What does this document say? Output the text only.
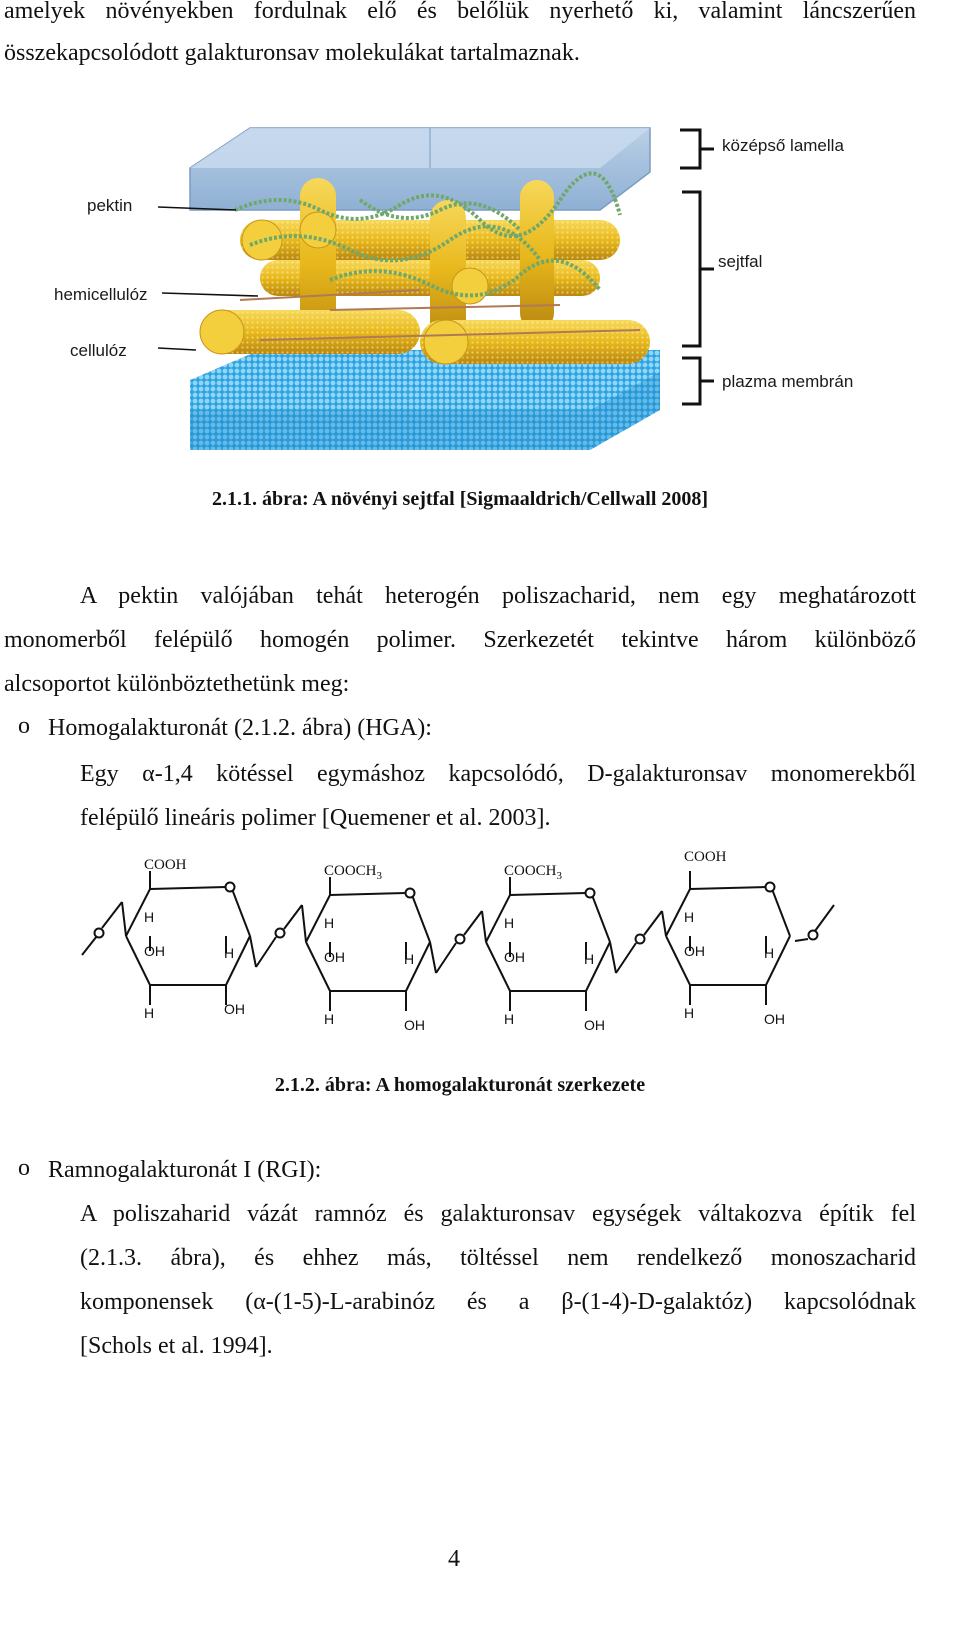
amelyek növényekben fordulnak elő és belőlük nyerhető ki, valamint láncszerűen
összekapcsolódott galakturonsav molekulákat tartalmaznak.
középső lamella
pektin
sejtfal
hemicellulóz
cellulóz
plazma membrán
2.1.1. ábra: A növényi sejtfal [Sigmaaldrich/Cellwall 2008]
A pektin valójában tehát heterogén poliszacharid, nem egy meghatározott
monomerből felépülő homogén polimer. Szerkezetét tekintve három különböző
alcsoportot különböztethetünk meg:
o Homogalakturonát (2.1.2. ábra) (HGA):
Egy α-1,4 kötéssel egymáshoz kapcsolódó, D-galakturonsav monomerekből
felépülő lineáris polimer [Quemener et al. 2003].
COOH
H
OH	H
H	OH
$COOCH_3$
H
OH	H
H	OH
$COOCH_3$
H
OH	H
H	OH
COOH
H
OH	H
H	OH
2.1.2. ábra: A homogalakturonát szerkezete
o Ramnogalakturonát I (RGI):
A poliszaharid vázát ramnóz és galakturonsav egységek váltakozva építik fel
(2.1.3. ábra), és ehhez más, töltéssel nem rendelkező monoszacharid
komponensek (α-(1-5)-L-arabinóz és a β-(1-4)-D-galaktóz) kapcsolódnak
[Schols et al. 1994].
4
